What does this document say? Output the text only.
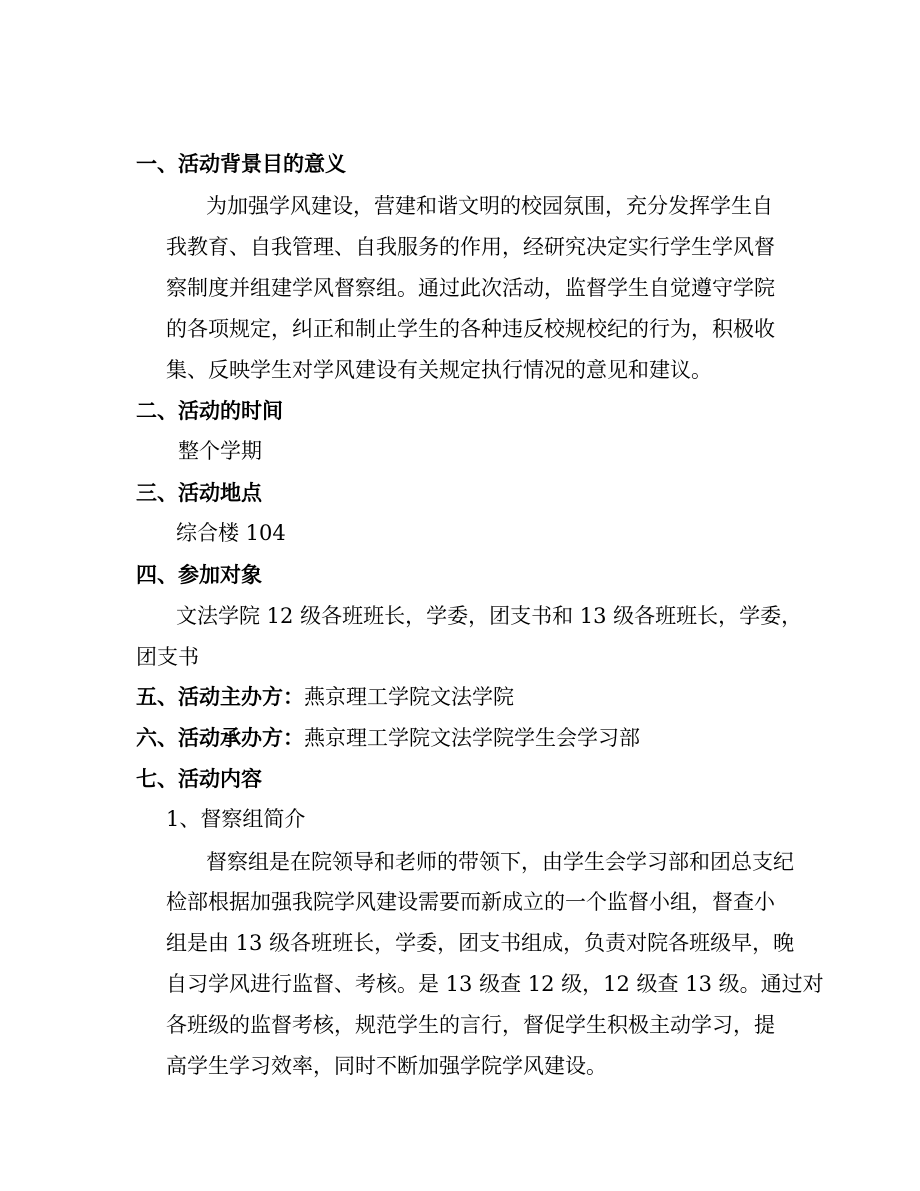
一、活动背景目的意义
为加强学风建设，营建和谐文明的校园氛围，充分发挥学生自
我教育、自我管理、自我服务的作用，经研究决定实行学生学风督
察制度并组建学风督察组。通过此次活动，监督学生自觉遵守学院
的各项规定，纠正和制止学生的各种违反校规校纪的行为，积极收
集、反映学生对学风建设有关规定执行情况的意见和建议。
二、活动的时间
整个学期
三、活动地点
综合楼 104
四、参加对象
文法学院 12 级各班班长，学委，团支书和 13 级各班班长，学委，
团支书
五、活动主办方：燕京理工学院文法学院
六、活动承办方：燕京理工学院文法学院学生会学习部
七、活动内容
1、督察组简介
督察组是在院领导和老师的带领下，由学生会学习部和团总支纪
检部根据加强我院学风建设需要而新成立的一个监督小组，督查小
组是由 13 级各班班长，学委，团支书组成，负责对院各班级早，晚
自习学风进行监督、考核。是 13 级查 12 级，12 级查 13 级。通过对
各班级的监督考核，规范学生的言行，督促学生积极主动学习，提
高学生学习效率，同时不断加强学院学风建设。
